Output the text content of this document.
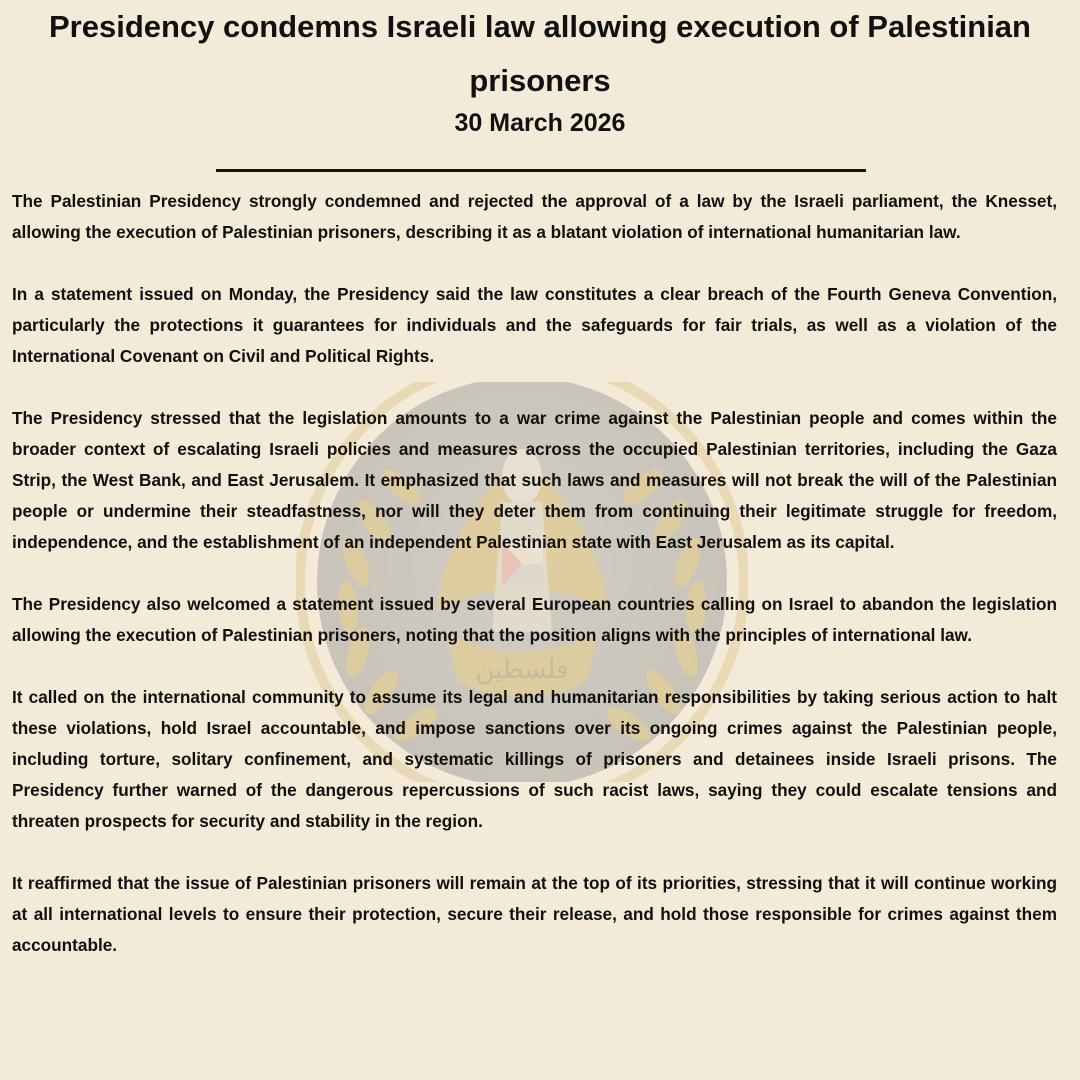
فلسطين
Presidency condemns Israeli law allowing execution of Palestinian prisoners
30 March 2026

The Palestinian Presidency strongly condemned and rejected the approval of a law by the Israeli parliament, the Knesset, allowing the execution of Palestinian prisoners, describing it as a blatant violation of international humanitarian law.

In a statement issued on Monday, the Presidency said the law constitutes a clear breach of the Fourth Geneva Convention, particularly the protections it guarantees for individuals and the safeguards for fair trials, as well as a violation of the International Covenant on Civil and Political Rights.

The Presidency stressed that the legislation amounts to a war crime against the Palestinian people and comes within the broader context of escalating Israeli policies and measures across the occupied Palestinian territories, including the Gaza Strip, the West Bank, and East Jerusalem. It emphasized that such laws and measures will not break the will of the Palestinian people or undermine their steadfastness, nor will they deter them from continuing their legitimate struggle for freedom, independence, and the establishment of an independent Palestinian state with East Jerusalem as its capital.

The Presidency also welcomed a statement issued by several European countries calling on Israel to abandon the legislation allowing the execution of Palestinian prisoners, noting that the position aligns with the principles of international law.

It called on the international community to assume its legal and humanitarian responsibilities by taking serious action to halt these violations, hold Israel accountable, and impose sanctions over its ongoing crimes against the Palestinian people, including torture, solitary confinement, and systematic killings of prisoners and detainees inside Israeli prisons. The Presidency further warned of the dangerous repercussions of such racist laws, saying they could escalate tensions and threaten prospects for security and stability in the region.

It reaffirmed that the issue of Palestinian prisoners will remain at the top of its priorities, stressing that it will continue working at all international levels to ensure their protection, secure their release, and hold those responsible for crimes against them accountable.
